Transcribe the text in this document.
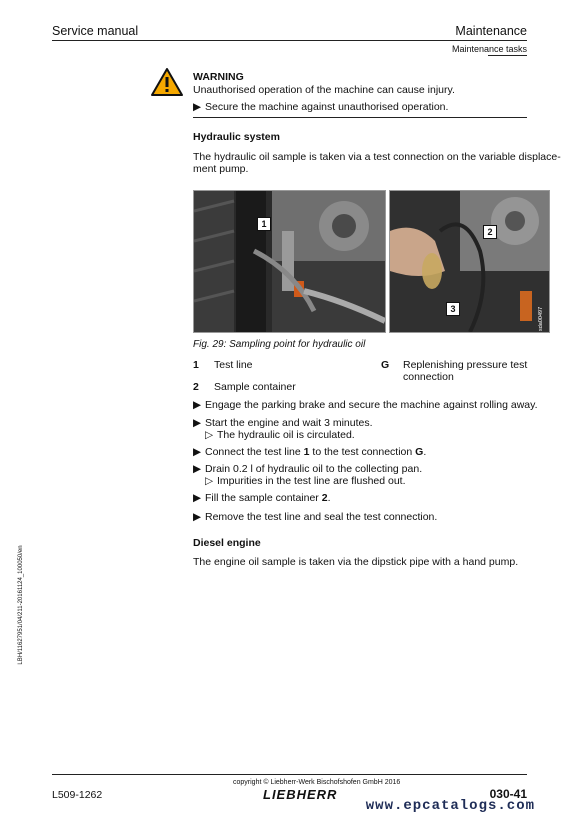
Service manual	Maintenance
Maintenance tasks
WARNING
Unauthorised operation of the machine can cause injury.
▶ Secure the machine against unauthorised operation.
Hydraulic system
The hydraulic oil sample is taken via a test connection on the variable displace-
ment pump.
1
2
3	sda00497
Fig. 29: Sampling point for hydraulic oil
1 Test line	G Replenishing pressure test
connection
2 Sample container
▶ Engage the parking brake and secure the machine against rolling away.
▶ Start the engine and wait 3 minutes.
▷ The hydraulic oil is circulated.
▶ Connect the test line 1 to the test connection G.
▶ Drain 0.2 l of hydraulic oil to the collecting pan.
▷ Impurities in the test line are flushed out.
▶ Fill the sample container 2.
▶ Remove the test line and seal the test connection.
Diesel engine
The engine oil sample is taken via the dipstick pipe with a hand pump.
LBH/11627951/04/211-20161124_100050/en
copyright © Liebherr-Werk Bischofshofen GmbH 2016
LIEBHERR
L509-1262	030-41
www.epcatalogs.com
